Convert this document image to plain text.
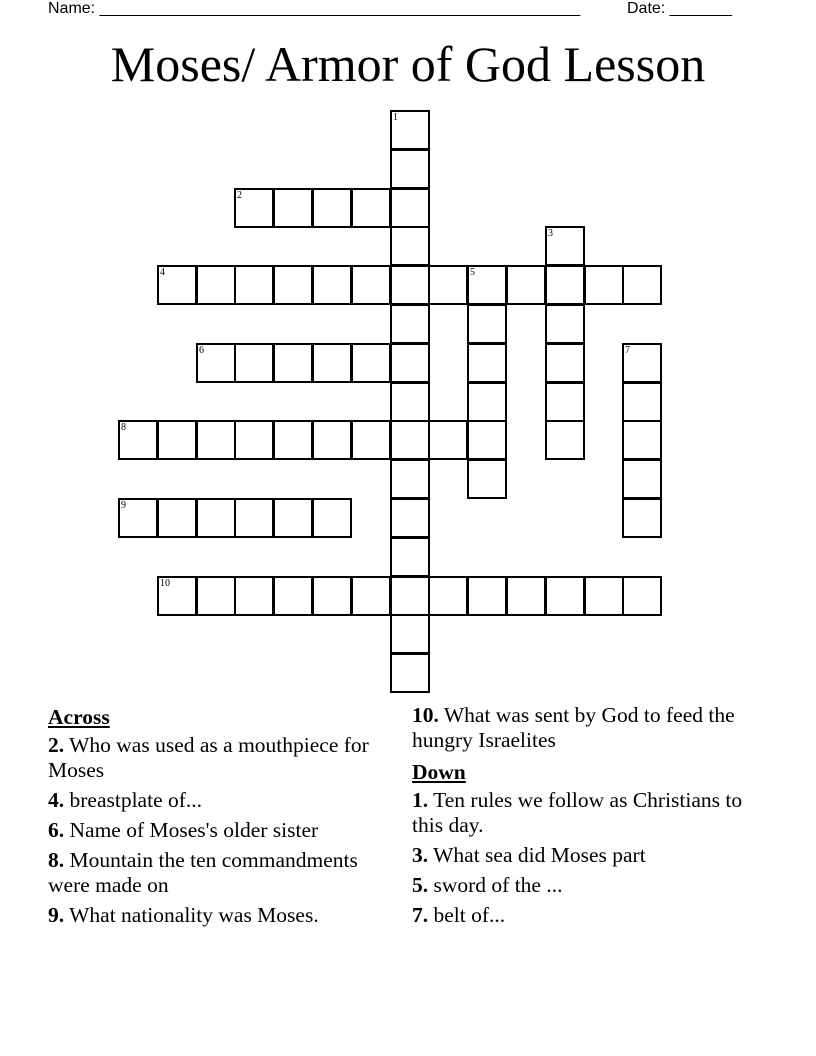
Name: ______________________________________________________	Date: _______
Moses/ Armor of God Lesson
1
2
3
4	5
6	7
8
9
10

Across

2. Who was used as a mouthpiece for Moses

4. breastplate of...

6. Name of Moses's older sister

8. Mountain the ten commandments were made on

9. What nationality was Moses.

10. What was sent by God to feed the hungry Israelites

Down

1. Ten rules we follow as Christians to this day.

3. What sea did Moses part

5. sword of the ...

7. belt of...
